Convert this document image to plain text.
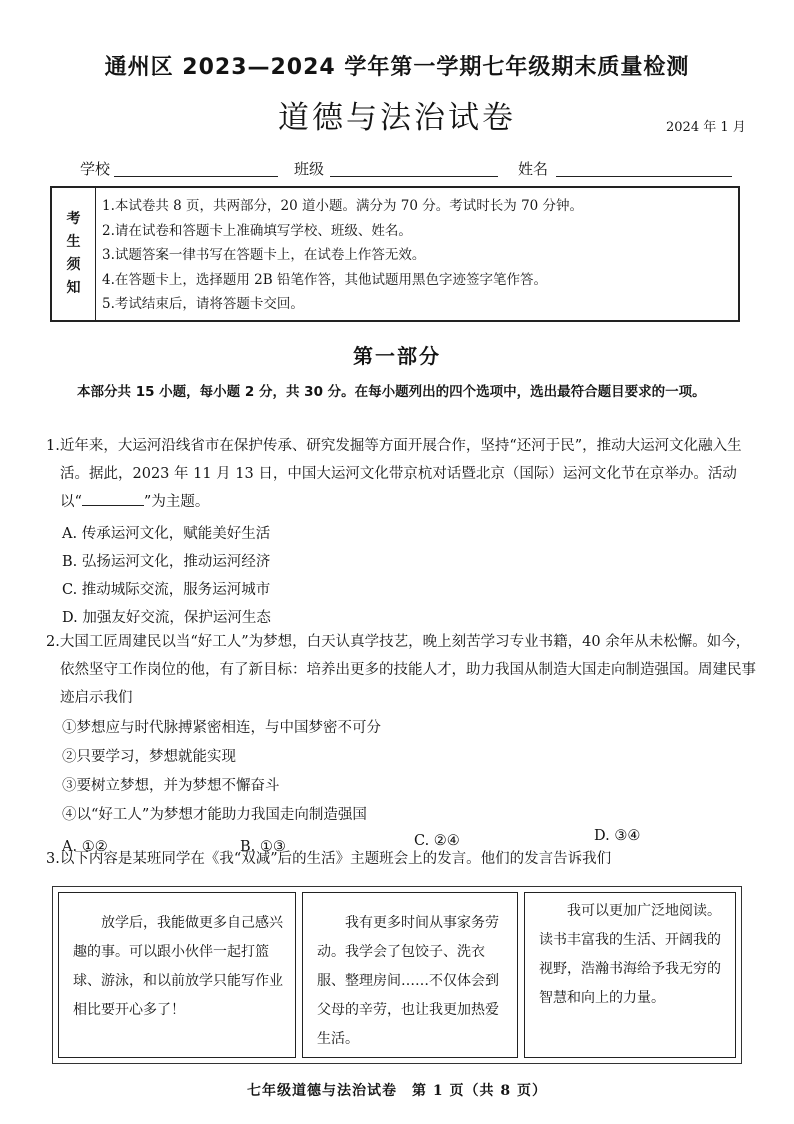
通州区 2023—2024 学年第一学期七年级期末质量检测
道德与法治试卷	2024 年 1 月
学校	班级	姓名
考
生
须
知
1.本试卷共 8 页，共两部分，20 道小题。满分为 70 分。考试时长为 70 分钟。
2.请在试卷和答题卡上准确填写学校、班级、姓名。
3.试题答案一律书写在答题卡上，在试卷上作答无效。
4.在答题卡上，选择题用 2B 铅笔作答，其他试题用黑色字迹签字笔作答。
5.考试结束后，请将答题卡交回。
第一部分
本部分共 15 小题，每小题 2 分，共 30 分。在每小题列出的四个选项中，选出最符合题目要求的一项。
1.近年来，大运河沿线省市在保护传承、研究发掘等方面开展合作，坚持“还河于民”，推动大运河文化融入生活。据此，2023 年 11 月 13 日，中国大运河文化带京杭对话暨北京（国际）运河文化节在京举办。活动以“	”为主题。
A. 传承运河文化，赋能美好生活
B. 弘扬运河文化，推动运河经济
C. 推动城际交流，服务运河城市
D. 加强友好交流，保护运河生态
2.大国工匠周建民以当“好工人”为梦想，白天认真学技艺，晚上刻苦学习专业书籍，40 余年从未松懈。如今，依然坚守工作岗位的他，有了新目标：培养出更多的技能人才，助力我国从制造大国走向制造强国。周建民事迹启示我们
①梦想应与时代脉搏紧密相连，与中国梦密不可分
②只要学习，梦想就能实现
③要树立梦想，并为梦想不懈奋斗
④以“好工人”为梦想才能助力我国走向制造强国
A. ①②	B. ①③	C. ②④	D. ③④
3.以下内容是某班同学在《我“双减”后的生活》主题班会上的发言。他们的发言告诉我们
放学后，我能做更多自己感兴趣的事。可以跟小伙伴一起打篮球、游泳，和以前放学只能写作业相比要开心多了！
我有更多时间从事家务劳动。我学会了包饺子、洗衣服、整理房间……不仅体会到父母的辛劳，也让我更加热爱生活。
我可以更加广泛地阅读。读书丰富我的生活、开阔我的视野，浩瀚书海给予我无穷的智慧和向上的力量。
七年级道德与法治试卷　第 1 页（共 8 页）
